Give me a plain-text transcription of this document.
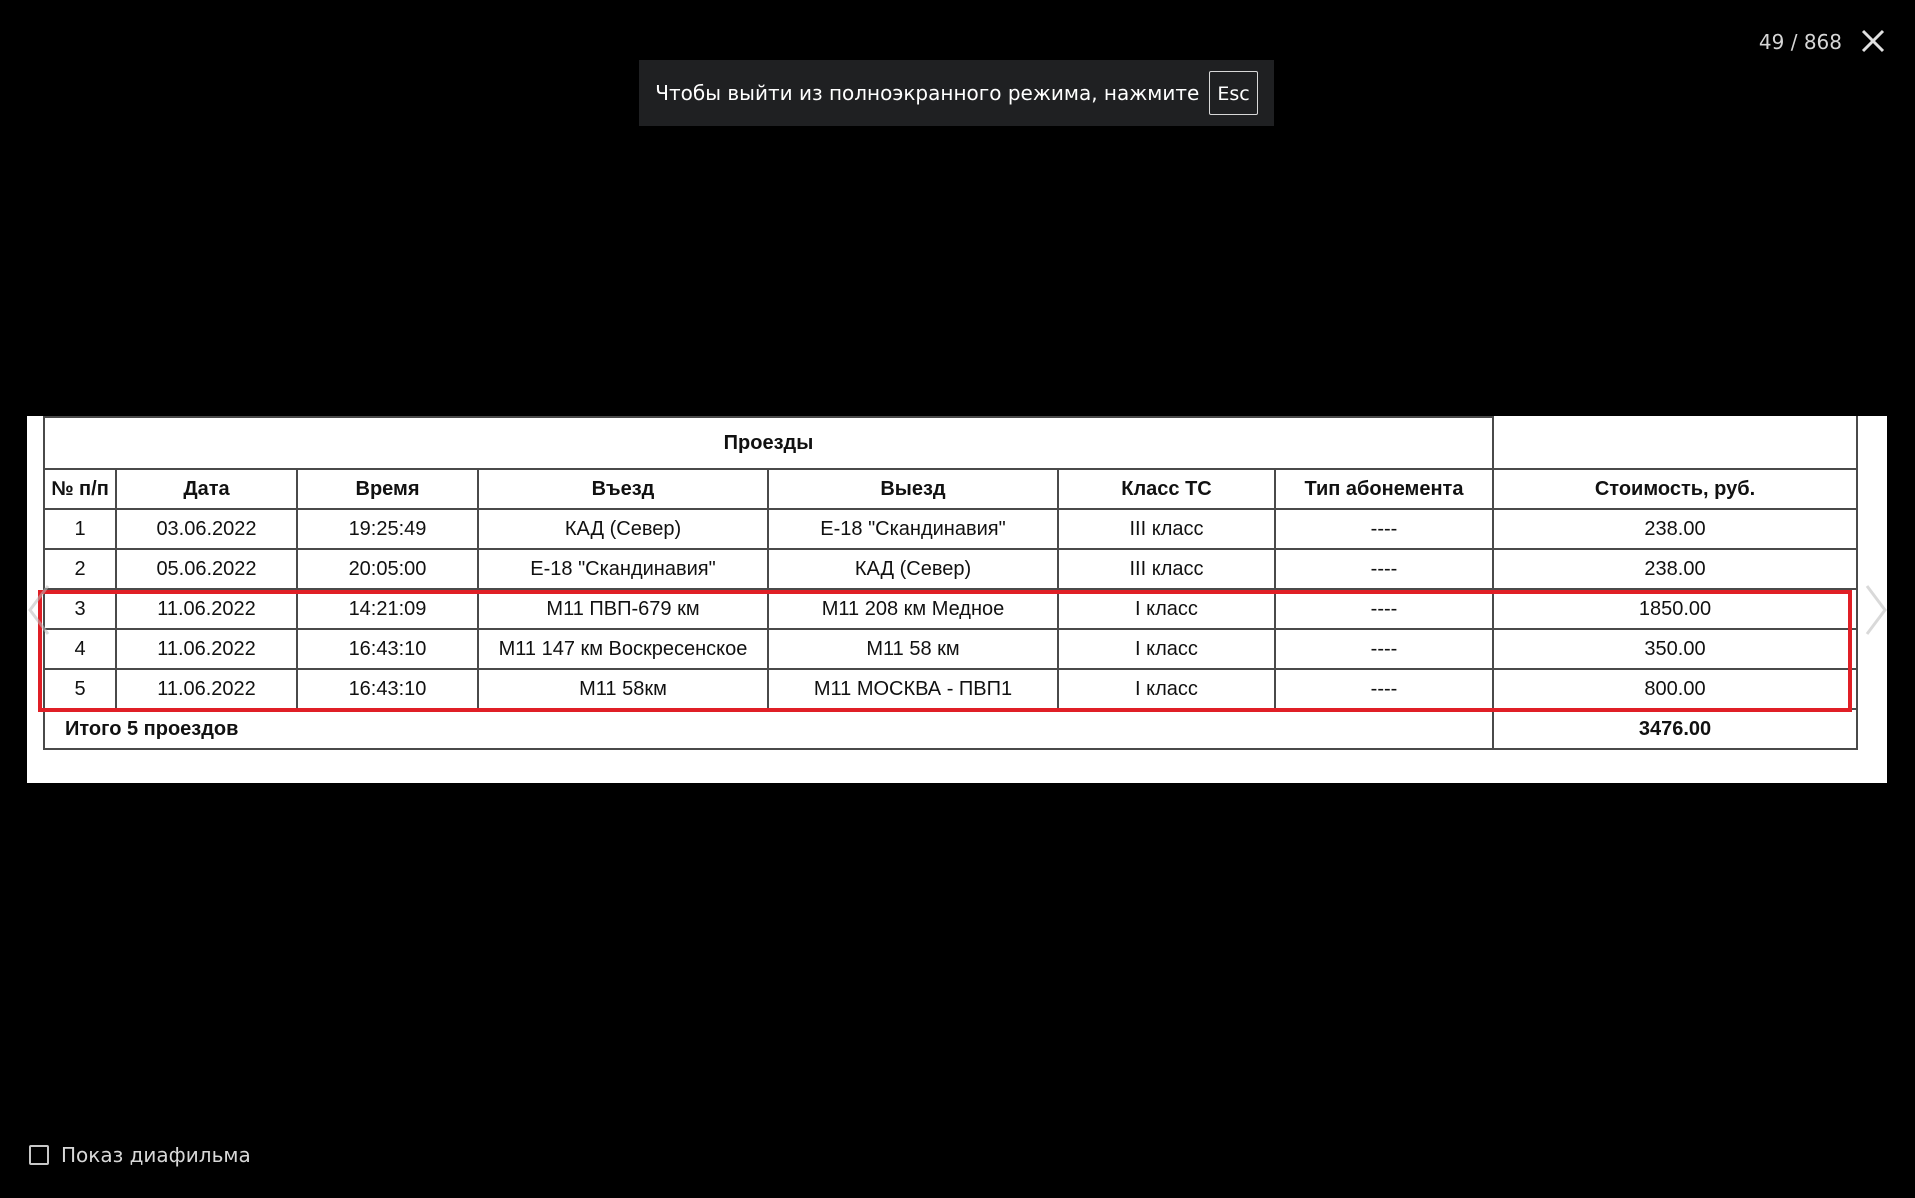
Чтобы выйти из полноэкранного режима, нажмите Esc
49 / 868
Проезды							
№ п/п	Дата	Время	Въезд	Выезд	Класс ТС	Тип абонемента	Стоимость, руб.
1	03.06.2022	19:25:49	КАД (Север)	Е-18 "Скандинавия"	III класс	----	238.00
2	05.06.2022	20:05:00	Е-18 "Скандинавия"	КАД (Север)	III класс	----	238.00
3	11.06.2022	14:21:09	М11 ПВП-679 км	М11 208 км Медное	I класс	----	1850.00
4	11.06.2022	16:43:10	М11 147 км Воскресенское	М11 58 км	I класс	----	350.00
5	11.06.2022	16:43:10	М11 58км	М11 МОСКВА - ПВП1	I класс	----	800.00
Итого 5 проездов							3476.00
Показ диафильма
